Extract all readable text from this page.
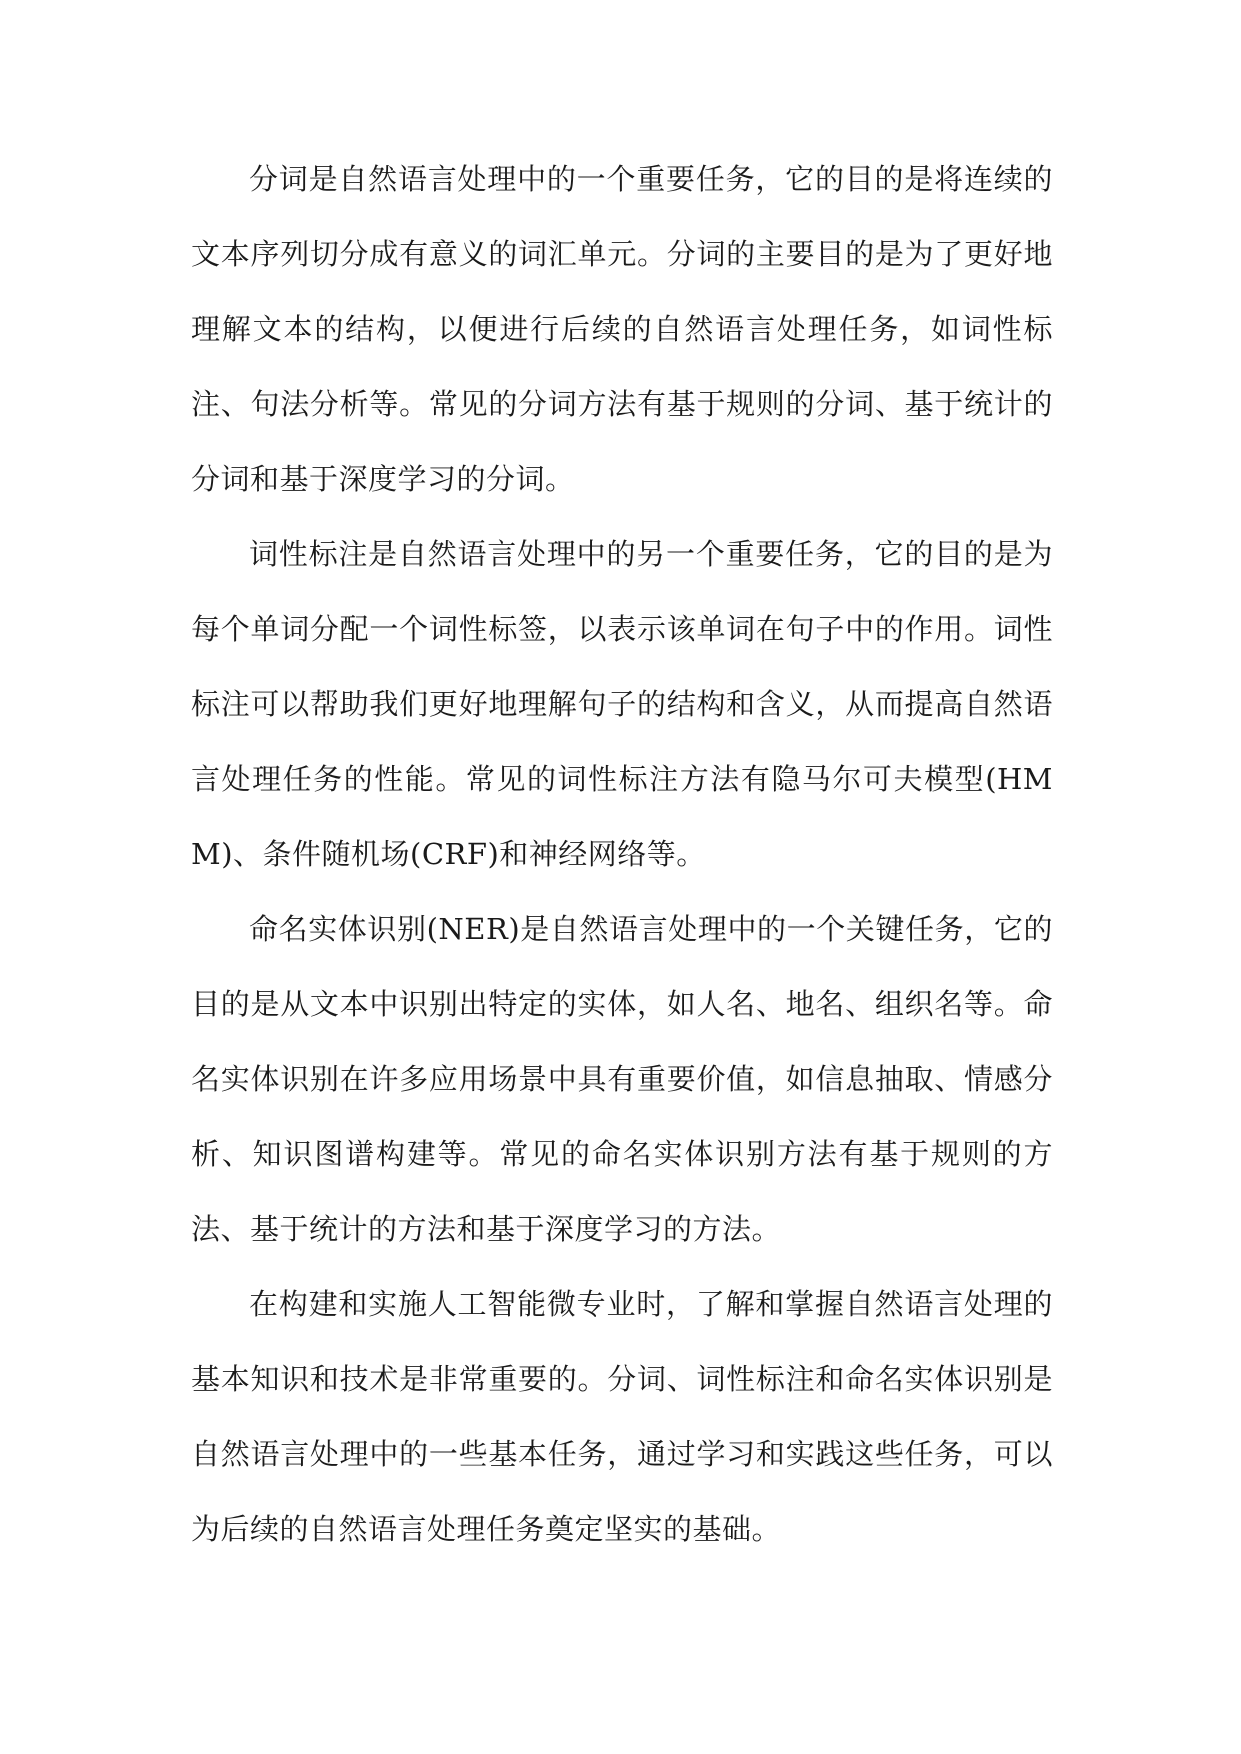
分词是自然语言处理中的一个重要任务，它的目的是将连续的文本序列切分成有意义的词汇单元。分词的主要目的是为了更好地理解文本的结构，以便进行后续的自然语言处理任务，如词性标注、句法分析等。常见的分词方法有基于规则的分词、基于统计的分词和基于深度学习的分词。

词性标注是自然语言处理中的另一个重要任务，它的目的是为每个单词分配一个词性标签，以表示该单词在句子中的作用。词性标注可以帮助我们更好地理解句子的结构和含义，从而提高自然语言处理任务的性能。常见的词性标注方法有隐马尔可夫模型(HMM)、条件随机场(CRF)和神经网络等。

命名实体识别(NER)是自然语言处理中的一个关键任务，它的目的是从文本中识别出特定的实体，如人名、地名、组织名等。命名实体识别在许多应用场景中具有重要价值，如信息抽取、情感分析、知识图谱构建等。常见的命名实体识别方法有基于规则的方法、基于统计的方法和基于深度学习的方法。

在构建和实施人工智能微专业时，了解和掌握自然语言处理的基本知识和技术是非常重要的。分词、词性标注和命名实体识别是自然语言处理中的一些基本任务，通过学习和实践这些任务，可以为后续的自然语言处理任务奠定坚实的基础。
